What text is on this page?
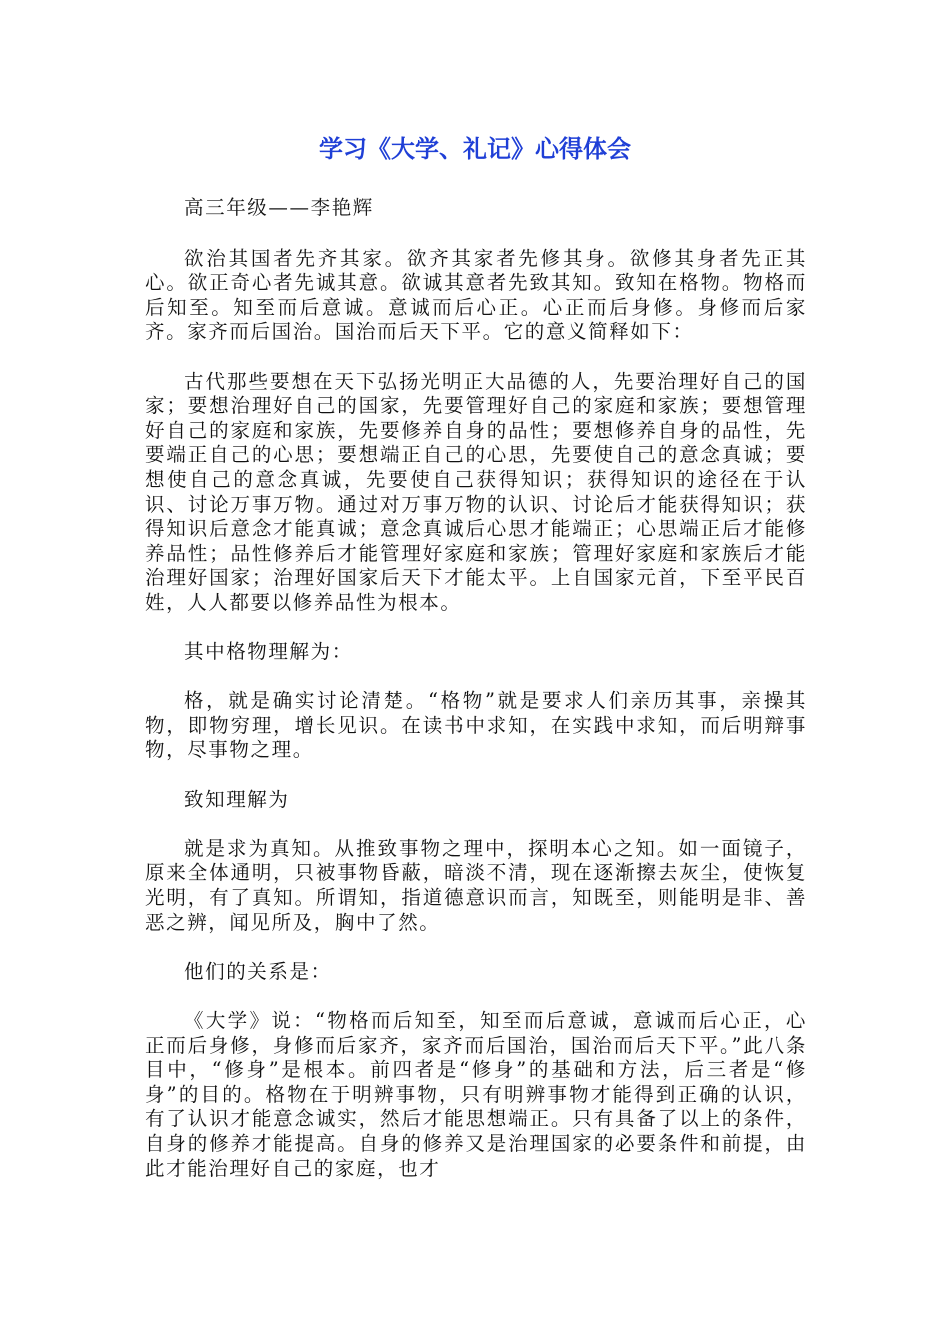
学习《大学、礼记》心得体会

高三年级——李艳辉

欲治其国者先齐其家。欲齐其家者先修其身。欲修其身者先正其心。欲正奇心者先诚其意。欲诚其意者先致其知。致知在格物。物格而后知至。知至而后意诚。意诚而后心正。心正而后身修。身修而后家齐。家齐而后国治。国治而后天下平。它的意义简释如下：

古代那些要想在天下弘扬光明正大品德的人，先要治理好自己的国家；要想治理好自己的国家，先要管理好自己的家庭和家族；要想管理好自己的家庭和家族，先要修养自身的品性；要想修养自身的品性，先要端正自己的心思；要想端正自己的心思，先要使自己的意念真诚；要想使自己的意念真诚，先要使自己获得知识；获得知识的途径在于认识、讨论万事万物。通过对万事万物的认识、讨论后才能获得知识；获得知识后意念才能真诚；意念真诚后心思才能端正；心思端正后才能修养品性；品性修养后才能管理好家庭和家族；管理好家庭和家族后才能治理好国家；治理好国家后天下才能太平。上自国家元首，下至平民百姓，人人都要以修养品性为根本。

其中格物理解为：

格，就是确实讨论清楚。“格物”就是要求人们亲历其事，亲操其物，即物穷理，增长见识。在读书中求知，在实践中求知，而后明辩事物，尽事物之理。

致知理解为

就是求为真知。从推致事物之理中，探明本心之知。如一面镜子，原来全体通明，只被事物昏蔽，暗淡不清，现在逐渐擦去灰尘，使恢复光明，有了真知。所谓知，指道德意识而言，知既至，则能明是非、善恶之辨，闻见所及，胸中了然。

他们的关系是：

《大学》说：“物格而后知至，知至而后意诚，意诚而后心正，心正而后身修，身修而后家齐，家齐而后国治，国治而后天下平。”此八条目中，“修身”是根本。前四者是“修身”的基础和方法，后三者是“修身”的目的。格物在于明辨事物，只有明辨事物才能得到正确的认识，有了认识才能意念诚实，然后才能思想端正。只有具备了以上的条件，自身的修养才能提高。自身的修养又是治理国家的必要条件和前提，由此才能治理好自己的家庭，也才
